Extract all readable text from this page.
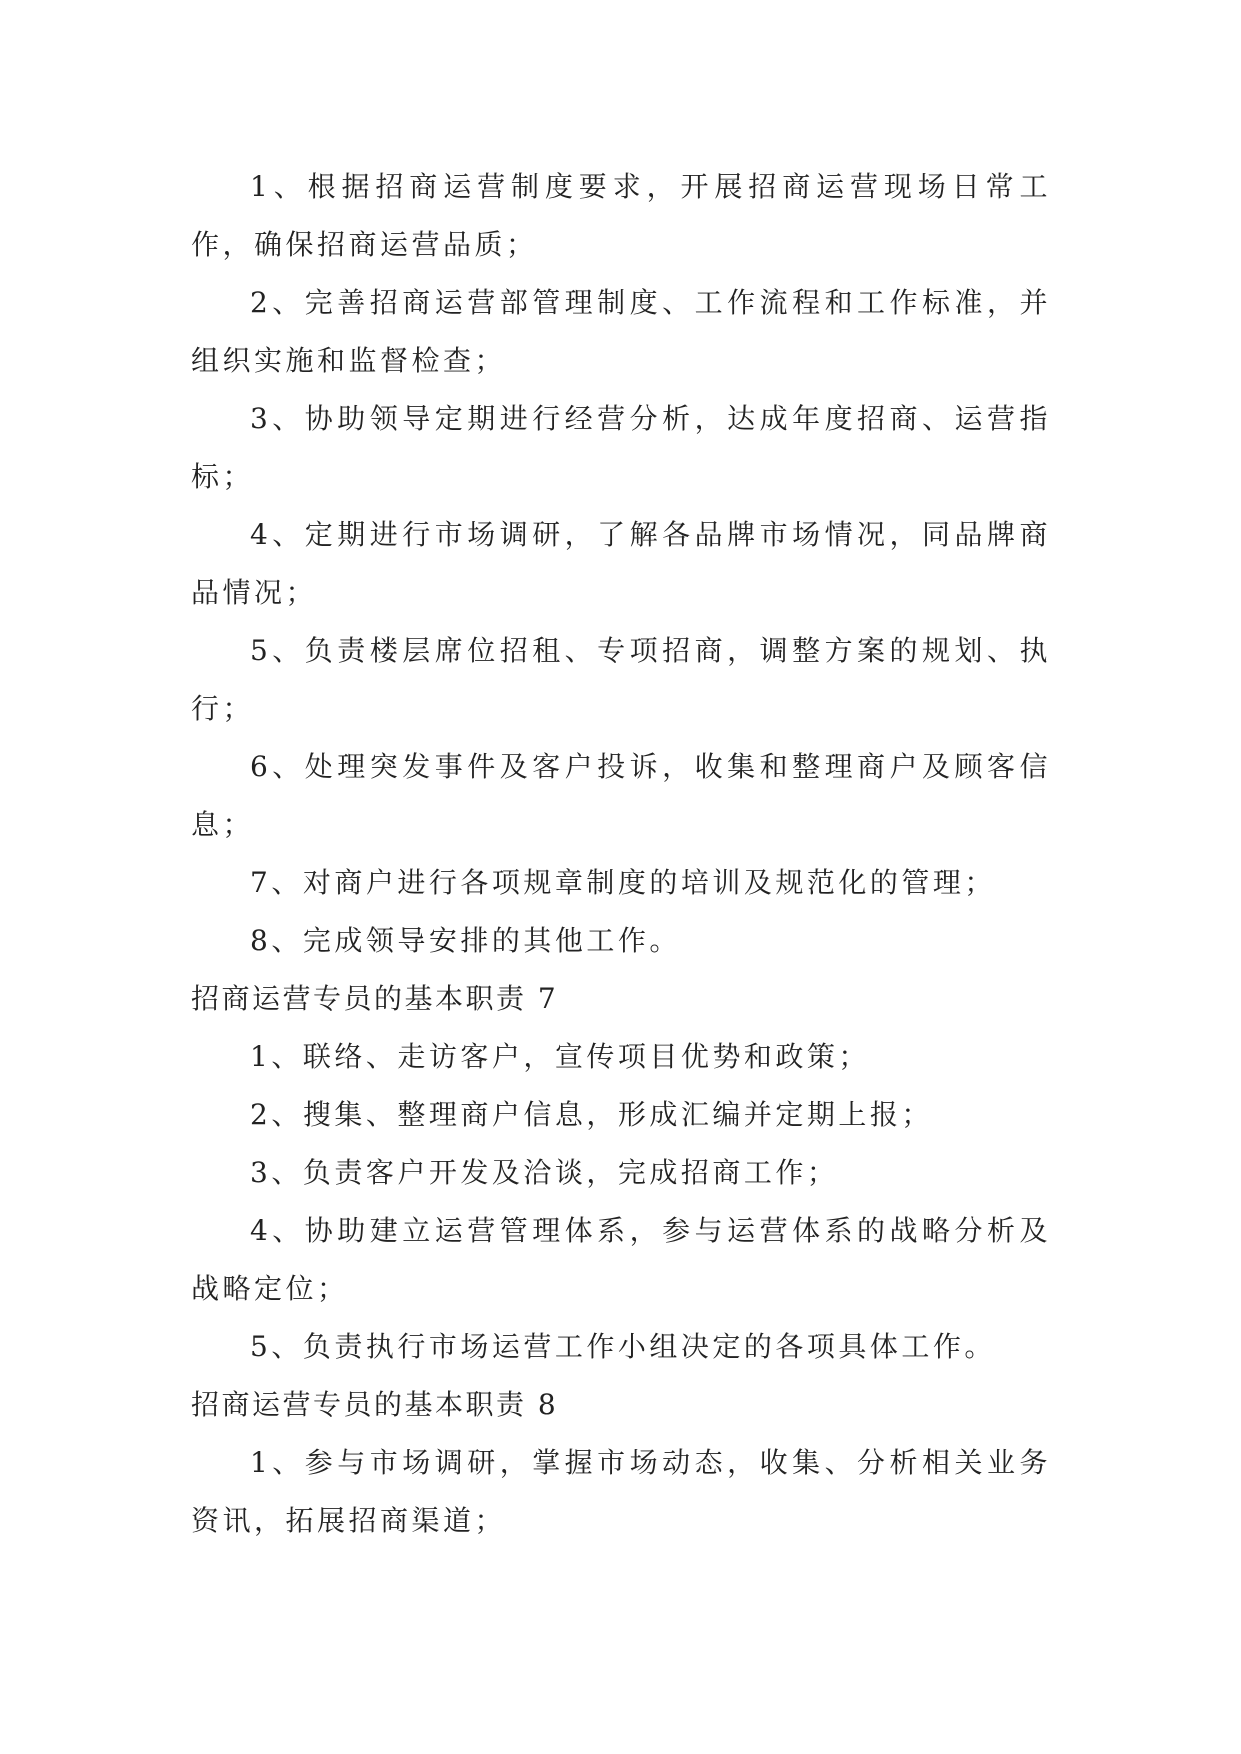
1、根据招商运营制度要求，开展招商运营现场日常工作，确保招商运营品质；

2、完善招商运营部管理制度、工作流程和工作标准，并组织实施和监督检查；

3、协助领导定期进行经营分析，达成年度招商、运营指标；

4、定期进行市场调研，了解各品牌市场情况，同品牌商品情况；

5、负责楼层席位招租、专项招商，调整方案的规划、执行；

6、处理突发事件及客户投诉，收集和整理商户及顾客信息；

7、对商户进行各项规章制度的培训及规范化的管理；

8、完成领导安排的其他工作。

招商运营专员的基本职责 7

1、联络、走访客户，宣传项目优势和政策；

2、搜集、整理商户信息，形成汇编并定期上报；

3、负责客户开发及洽谈，完成招商工作；

4、协助建立运营管理体系，参与运营体系的战略分析及战略定位；

5、负责执行市场运营工作小组决定的各项具体工作。

招商运营专员的基本职责 8

1、参与市场调研，掌握市场动态，收集、分析相关业务资讯，拓展招商渠道；
